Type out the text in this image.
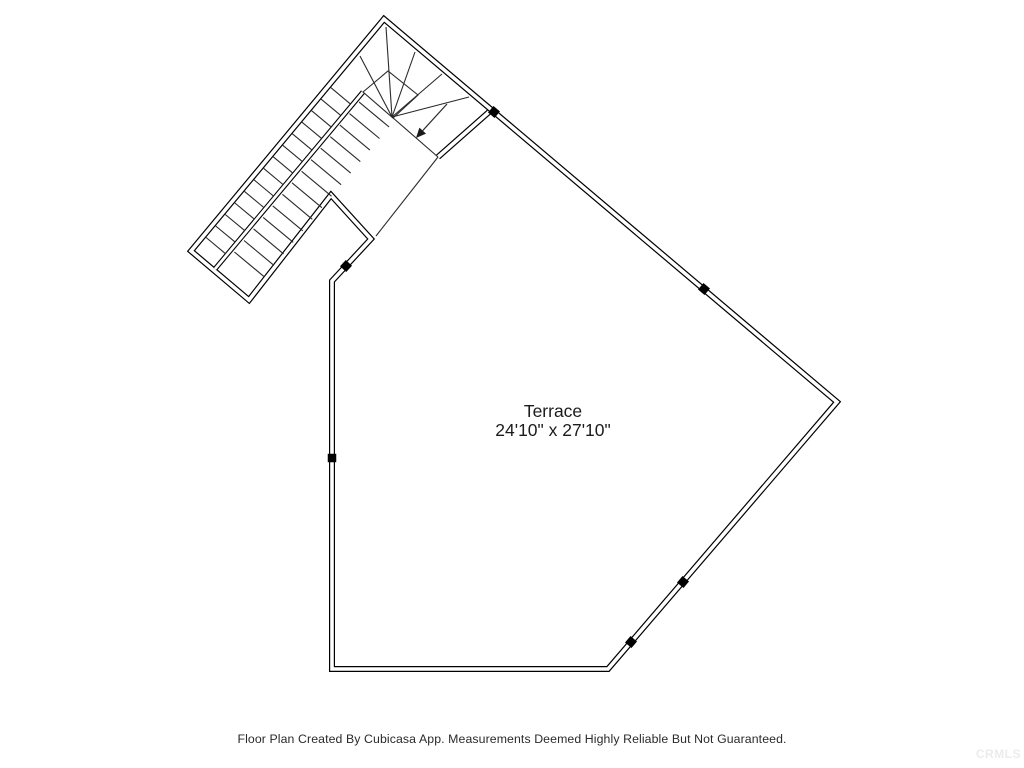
Terrace
24'10" x 27'10"
Floor Plan Created By Cubicasa App. Measurements Deemed Highly Reliable But Not Guaranteed.
CRMLS
